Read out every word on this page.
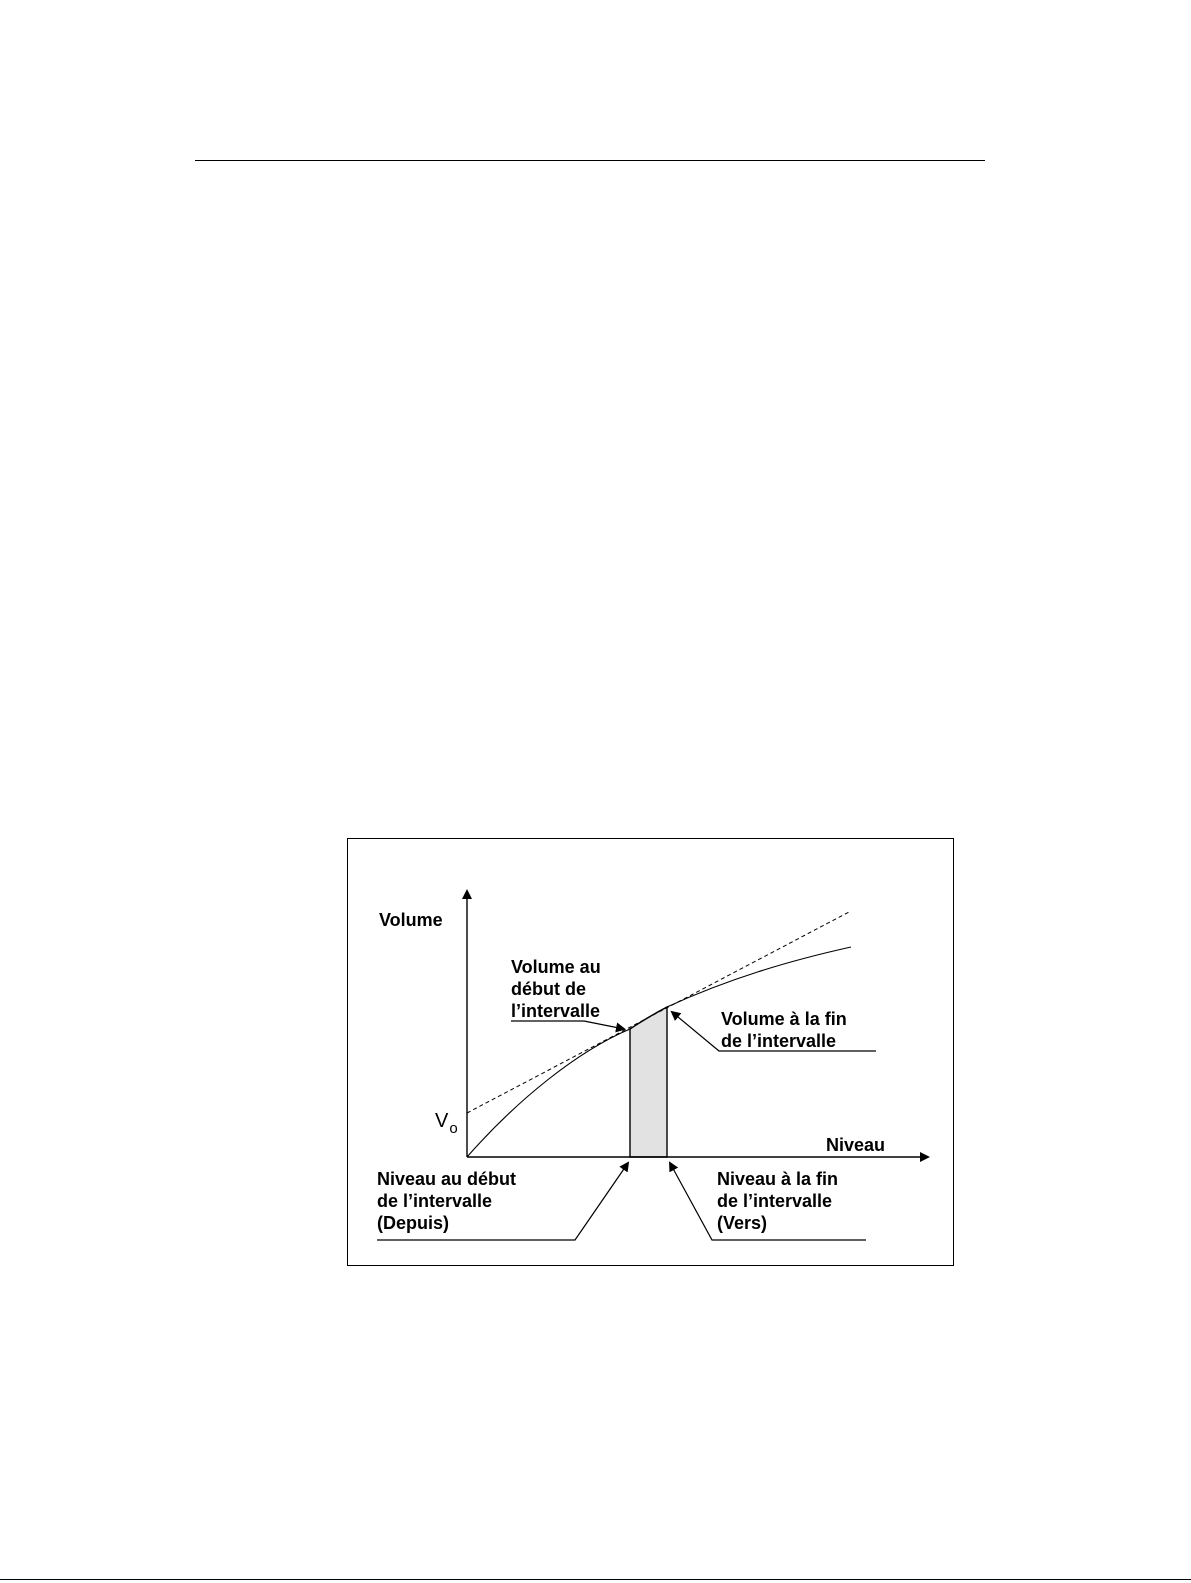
Volume
Niveau
$V_o$
Volume au début de l’intervalle	Volume à la fin de l’intervalle
Niveau au début de l’intervalle (Depuis)
Niveau à la fin de l’intervalle (Vers)
